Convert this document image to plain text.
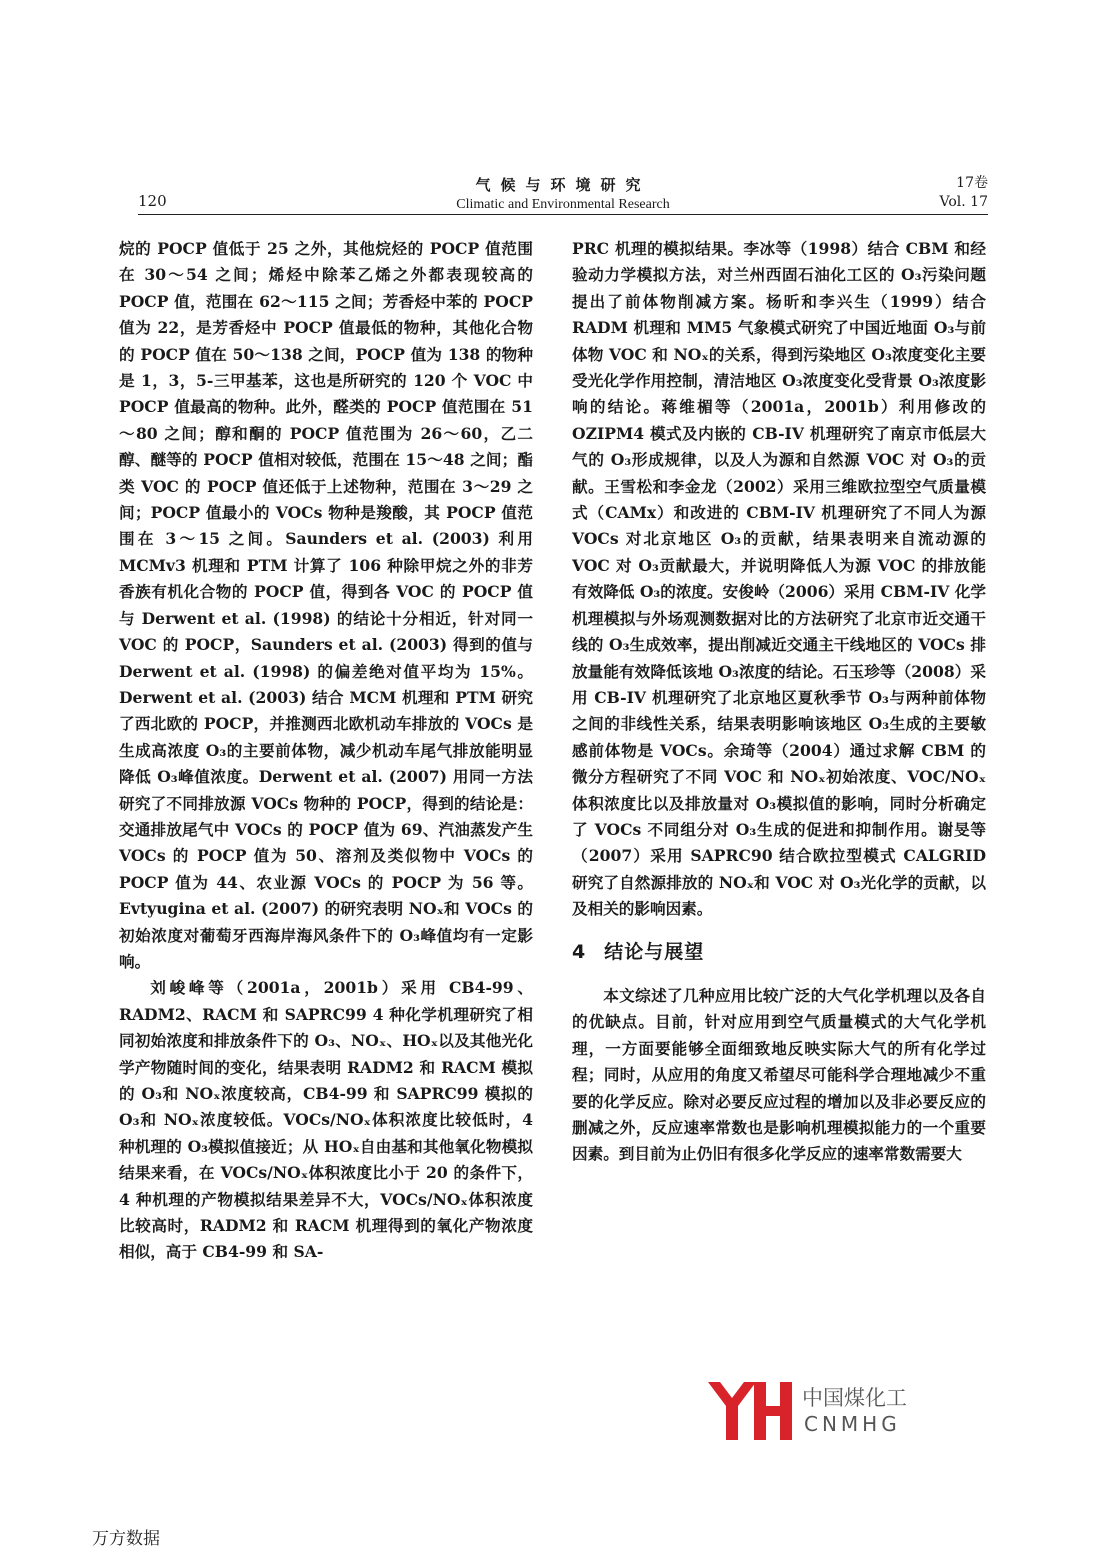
120
气候与环境研究
Climatic and Environmental Research
17卷
Vol. 17

烷的 POCP 值低于 25 之外，其他烷烃的 POCP 值范围在 30～54 之间；烯烃中除苯乙烯之外都表现较高的 POCP 值，范围在 62～115 之间；芳香烃中苯的 POCP 值为 22，是芳香烃中 POCP 值最低的物种，其他化合物的 POCP 值在 50～138 之间，POCP 值为 138 的物种是 1，3，5-三甲基苯，这也是所研究的 120 个 VOC 中 POCP 值最高的物种。此外，醛类的 POCP 值范围在 51～80 之间；醇和酮的 POCP 值范围为 26～60，乙二醇、醚等的 POCP 值相对较低，范围在 15～48 之间；酯类 VOC 的 POCP 值还低于上述物种，范围在 3～29 之间；POCP 值最小的 VOCs 物种是羧酸，其 POCP 值范围在 3～15 之间。Saunders et al. (2003) 利用 MCMv3 机理和 PTM 计算了 106 种除甲烷之外的非芳香族有机化合物的 POCP 值，得到各 VOC 的 POCP 值与 Derwent et al. (1998) 的结论十分相近，针对同一 VOC 的 POCP，Saunders et al. (2003) 得到的值与 Derwent et al. (1998) 的偏差绝对值平均为 15%。Derwent et al. (2003) 结合 MCM 机理和 PTM 研究了西北欧的 POCP，并推测西北欧机动车排放的 VOCs 是生成高浓度 O₃的主要前体物，减少机动车尾气排放能明显降低 O₃峰值浓度。Derwent et al. (2007) 用同一方法研究了不同排放源 VOCs 物种的 POCP，得到的结论是：交通排放尾气中 VOCs 的 POCP 值为 69、汽油蒸发产生 VOCs 的 POCP 值为 50、溶剂及类似物中 VOCs 的 POCP 值为 44、农业源 VOCs 的 POCP 为 56 等。Evtyugina et al. (2007) 的研究表明 NOₓ和 VOCs 的初始浓度对葡萄牙西海岸海风条件下的 O₃峰值均有一定影响。

刘峻峰等（2001a，2001b）采用 CB4-99、RADM2、RACM 和 SAPRC99 4 种化学机理研究了相同初始浓度和排放条件下的 O₃、NOₓ、HOₓ以及其他光化学产物随时间的变化，结果表明 RADM2 和 RACM 模拟的 O₃和 NOₓ浓度较高，CB4-99 和 SAPRC99 模拟的 O₃和 NOₓ浓度较低。VOCs/NOₓ体积浓度比较低时，4 种机理的 O₃模拟值接近；从 HOₓ自由基和其他氧化物模拟结果来看，在 VOCs/NOₓ体积浓度比小于 20 的条件下，4 种机理的产物模拟结果差异不大，VOCs/NOₓ体积浓度比较高时，RADM2 和 RACM 机理得到的氧化产物浓度相似，高于 CB4-99 和 SA-

PRC 机理的模拟结果。李冰等（1998）结合 CBM 和经验动力学模拟方法，对兰州西固石油化工区的 O₃污染问题提出了前体物削减方案。杨昕和李兴生（1999）结合 RADM 机理和 MM5 气象模式研究了中国近地面 O₃与前体物 VOC 和 NOₓ的关系，得到污染地区 O₃浓度变化主要受光化学作用控制，清洁地区 O₃浓度变化受背景 O₃浓度影响的结论。蒋维楣等（2001a，2001b）利用修改的 OZIPM4 模式及内嵌的 CB-IV 机理研究了南京市低层大气的 O₃形成规律，以及人为源和自然源 VOC 对 O₃的贡献。王雪松和李金龙（2002）采用三维欧拉型空气质量模式（CAMx）和改进的 CBM-IV 机理研究了不同人为源 VOCs 对北京地区 O₃的贡献，结果表明来自流动源的 VOC 对 O₃贡献最大，并说明降低人为源 VOC 的排放能有效降低 O₃的浓度。安俊岭（2006）采用 CBM-IV 化学机理模拟与外场观测数据对比的方法研究了北京市近交通干线的 O₃生成效率，提出削减近交通主干线地区的 VOCs 排放量能有效降低该地 O₃浓度的结论。石玉珍等（2008）采用 CB-IV 机理研究了北京地区夏秋季节 O₃与两种前体物之间的非线性关系，结果表明影响该地区 O₃生成的主要敏感前体物是 VOCs。余琦等（2004）通过求解 CBM 的微分方程研究了不同 VOC 和 NOₓ初始浓度、VOC/NOₓ体积浓度比以及排放量对 O₃模拟值的影响，同时分析确定了 VOCs 不同组分对 O₃生成的促进和抑制作用。谢旻等（2007）采用 SAPRC90 结合欧拉型模式 CALGRID 研究了自然源排放的 NOₓ和 VOC 对 O₃光化学的贡献，以及相关的影响因素。

4 结论与展望

本文综述了几种应用比较广泛的大气化学机理以及各自的优缺点。目前，针对应用到空气质量模式的大气化学机理，一方面要能够全面细致地反映实际大气的所有化学过程；同时，从应用的角度又希望尽可能科学合理地减少不重要的化学反应。除对必要反应过程的增加以及非必要反应的删减之外，反应速率常数也是影响机理模拟能力的一个重要因素。到目前为止仍旧有很多化学反应的速率常数需要大

中国煤化工
CNMHG
万方数据
